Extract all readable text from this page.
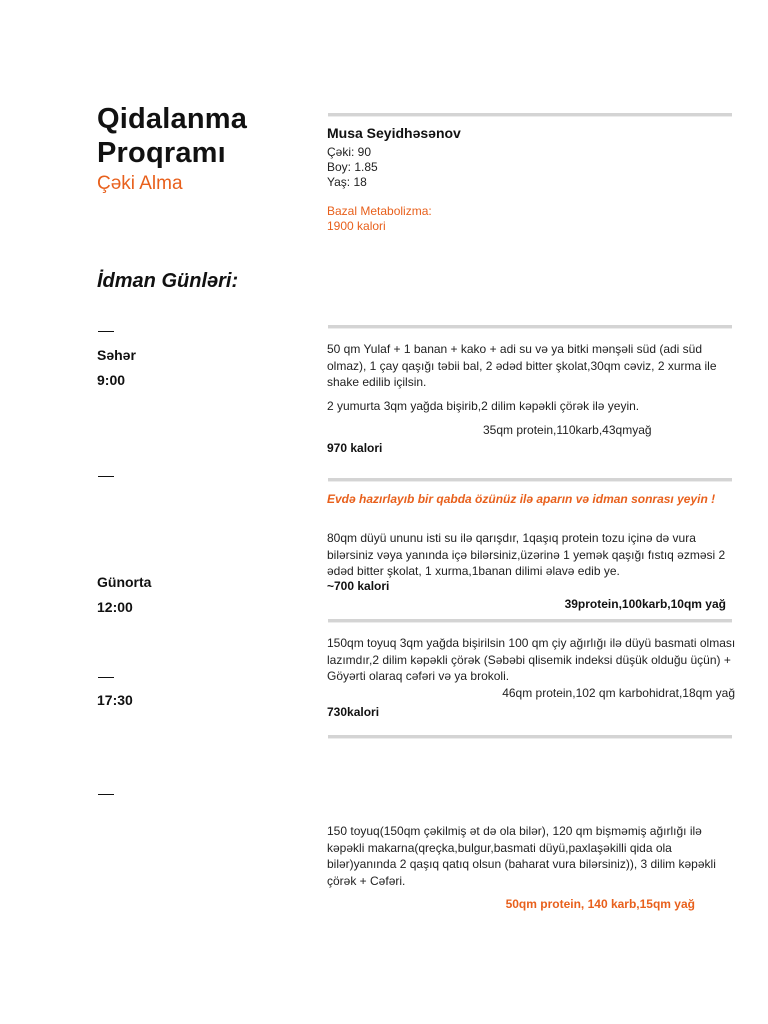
Qidalanma
Proqramı
Çəki Alma
Musa Seyidhəsənov
Çəki: 90
Boy: 1.85
Yaş: 18
Bazal Metabolizma:
1900 kalori
İdman Günləri:
Səhər
9:00
50 qm Yulaf + 1 banan + kako + adi su və ya bitki mənşəli süd (adi süd olmaz), 1 çay qaşığı təbii bal, 2 ədəd bitter şkolat,30qm cəviz, 2 xurma ile shake edilib içilsin.
2 yumurta 3qm yağda bişirib,2 dilim kəpəkli çörək ilə yeyin.
35qm protein,110karb,43qmyağ
970 kalori
Evdə hazırlayıb bir qabda özünüz ilə aparın və idman sonrası yeyin !
80qm düyü ununu isti su ilə qarışdır, 1qaşıq protein tozu içinə də vura bilərsiniz vəya yanında içə bilərsiniz,üzərinə 1 yemək qaşığı fıstıq əzməsi 2 ədəd bitter şkolat, 1 xurma,1banan dilimi əlavə edib ye.
~700 kalori
39protein,100karb,10qm yağ
Günorta
12:00
150qm toyuq 3qm yağda bişirilsin 100 qm çiy ağırlığı ilə düyü basmati olması lazımdır,2 dilim kəpəkli çörək (Səbəbi qlisemik indeksi düşük olduğu üçün) + Göyərti olaraq cəfəri və ya brokoli.
46qm protein,102 qm karbohidrat,18qm yağ
730kalori
17:30
150 toyuq(150qm çəkilmiş ət də ola bilər), 120 qm bişməmiş ağırlığı ilə kəpəkli makarna(qreçka,bulgur,basmati düyü,paxlaşəkilli qida ola bilər)yanında 2 qaşıq qatıq olsun (baharat vura bilərsiniz)), 3 dilim kəpəkli çörək + Cəfəri.
50qm protein, 140 karb,15qm yağ
